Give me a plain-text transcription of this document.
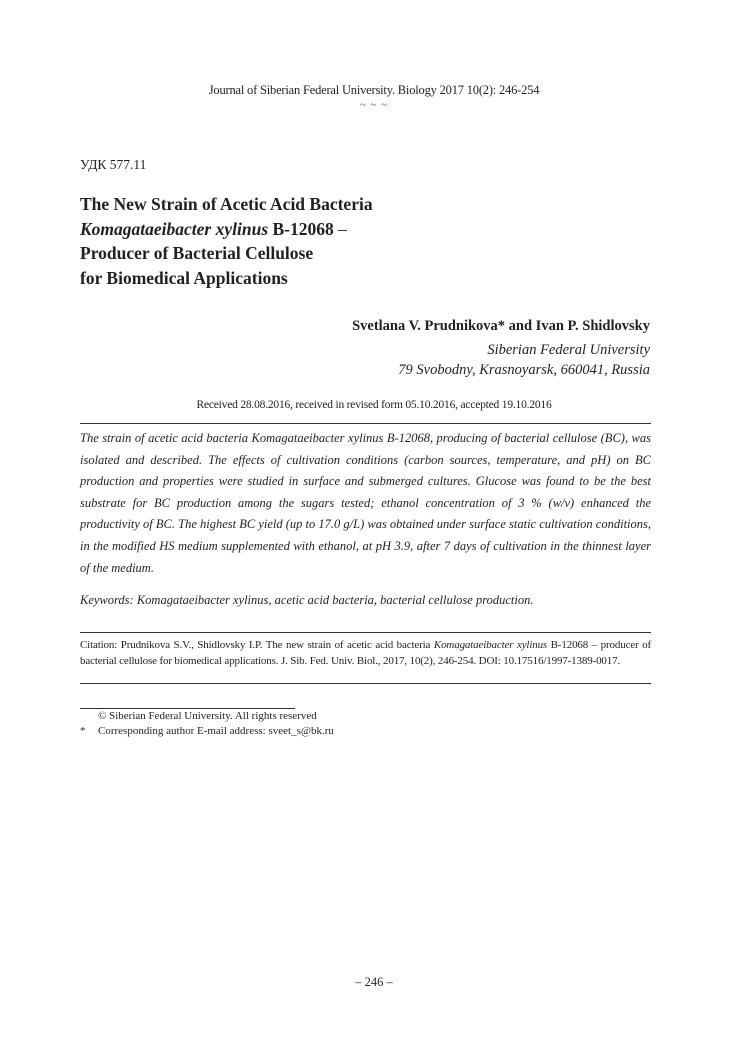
Journal of Siberian Federal University. Biology 2017 10(2): 246-254
~ ~ ~
УДК 577.11
The New Strain of Acetic Acid Bacteria
Komagataeibacter xylinus B-12068 –
Producer of Bacterial Cellulose
for Biomedical Applications
Svetlana V. Prudnikova* and Ivan P. Shidlovsky
Siberian Federal University
79 Svobodny, Krasnoyarsk, 660041, Russia
Received 28.08.2016, received in revised form 05.10.2016, accepted 19.10.2016

The strain of acetic acid bacteria Komagataeibacter xylinus B-12068, producing of bacterial cellulose (BC), was isolated and described. The effects of cultivation conditions (carbon sources, temperature, and pH) on BC production and properties were studied in surface and submerged cultures. Glucose was found to be the best substrate for BC production among the sugars tested; ethanol concentration of 3 % (w/v) enhanced the productivity of BC. The highest BC yield (up to 17.0 g/L) was obtained under surface static cultivation conditions, in the modified HS medium supplemented with ethanol, at pH 3.9, after 7 days of cultivation in the thinnest layer of the medium.

Keywords: Komagataeibacter xylinus, acetic acid bacteria, bacterial cellulose production.

Citation: Prudnikova S.V., Shidlovsky I.P. The new strain of acetic acid bacteria Komagataeibacter xylinus B-12068 – producer of bacterial cellulose for biomedical applications. J. Sib. Fed. Univ. Biol., 2017, 10(2), 246-254. DOI: 10.17516/1997-1389-0017.

© Siberian Federal University. All rights reserved
* Corresponding author E-mail address: sveet_s@bk.ru
– 246 –
